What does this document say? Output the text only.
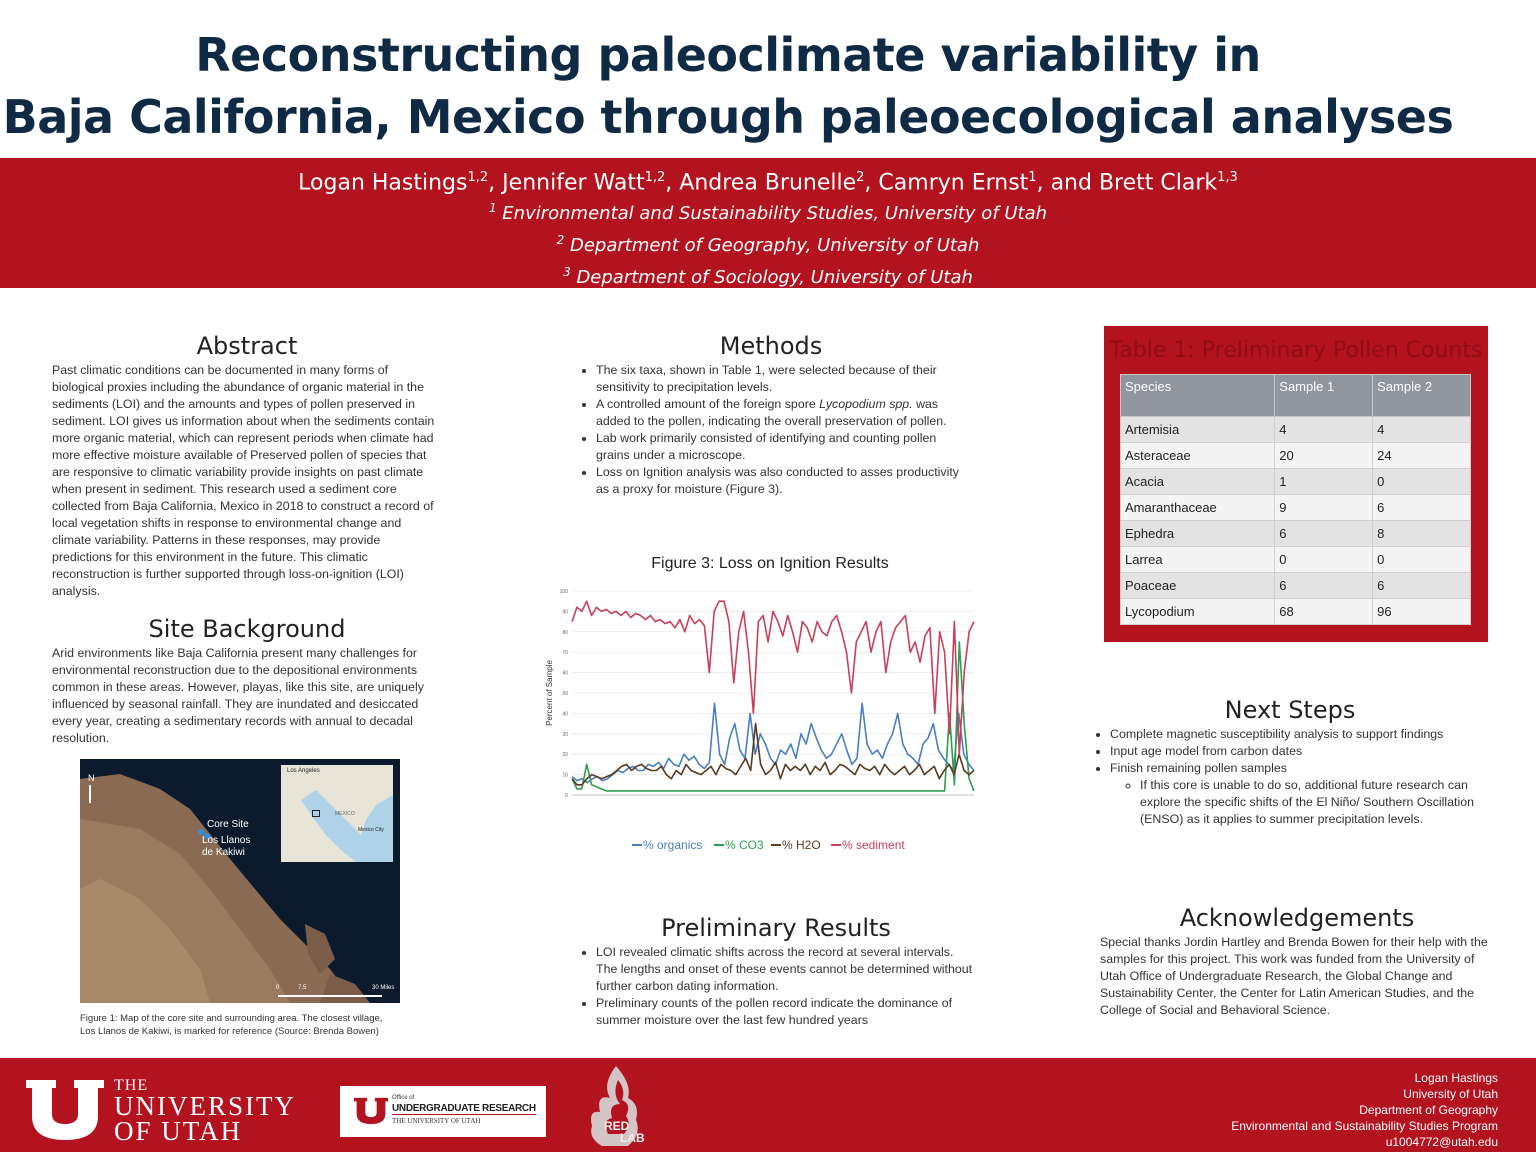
Reconstructing paleoclimate variability in
Baja California, Mexico through paleoecological analyses
Logan Hastings$^{1,2}$, Jennifer Watt$^{1,2}$, Andrea Brunelle$^2$, Camryn Ernst$^1$, and Brett Clark$^{1,3}$
$^1$ Environmental and Sustainability Studies, University of Utah
$^2$ Department of Geography, University of Utah
$^3$ Department of Sociology, University of Utah
Abstract
Past climatic conditions can be documented in many forms of biological proxies including the abundance of organic material in the sediments (LOI) and the amounts and types of pollen preserved in sediment. LOI gives us information about when the sediments contain more organic material, which can represent periods when climate had more effective moisture available of Preserved pollen of species that are responsive to climatic variability provide insights on past climate when present in sediment. This research used a sediment core collected from Baja California, Mexico in 2018 to construct a record of local vegetation shifts in response to environmental change and climate variability. Patterns in these responses, may provide predictions for this environment in the future. This climatic reconstruction is further supported through loss-on-ignition (LOI) analysis.
Site Background
Arid environments like Baja California present many challenges for environmental reconstruction due to the depositional environments common in these areas. However, playas, like this site, are uniquely influenced by seasonal rainfall. They are inundated and desiccated every year, creating a sedimentary records with annual to decadal resolution.
N
Core Site
Los Llanos
de Kakiwi
Los Angeles
MEXICO
Mexico City
0	7.5	30 Miles
Figure 1: Map of the core site and surrounding area. The closest village,
Los Llanos de Kakiwi, is marked for reference (Source: Brenda Bowen)
Methods
• The six taxa, shown in Table 1, were selected because of their sensitivity to precipitation levels.
• A controlled amount of the foreign spore Lycopodium spp. was added to the pollen, indicating the overall preservation of pollen.
• Lab work primarily consisted of identifying and counting pollen grains under a microscope.
• Loss on Ignition analysis was also conducted to asses productivity as a proxy for moisture (Figure 3).
Figure 3: Loss on Ignition Results
0
10
20
30
40
50
60
70
80
90
100
Percent of Sample
% organics % CO3 % H2O % sediment
Preliminary Results
• LOI revealed climatic shifts across the record at several intervals. The lengths and onset of these events cannot be determined without further carbon dating information.
• Preliminary counts of the pollen record indicate the dominance of summer moisture over the last few hundred years
Table 1: Preliminary Pollen Counts
Species	Sample 1	Sample 2
Artemisia	4	4
Asteraceae	20	24
Acacia	1	0
Amaranthaceae	9	6
Ephedra	6	8
Larrea	0	0
Poaceae	6	6
Lycopodium	68	96
Next Steps
• Complete magnetic susceptibility analysis to support findings
• Input age model from carbon dates
• Finish remaining pollen samples
◦ If this core is unable to do so, additional future research can explore the specific shifts of the El Niño/ Southern Oscillation (ENSO) as it applies to summer precipitation levels.
Acknowledgements
Special thanks Jordin Hartley and Brenda Bowen for their help with the samples for this project. This work was funded from the University of Utah Office of Undergraduate Research, the Global Change and Sustainability Center, the Center for Latin American Studies, and the College of Social and Behavioral Science.
THE
UNIVERSITY
OF UTAH
Office of
UNDERGRADUATE RESEARCH
THE UNIVERSITY OF UTAH	RED
LAB
Logan Hastings
University of Utah
Department of Geography
Environmental and Sustainability Studies Program
u1004772@utah.edu
